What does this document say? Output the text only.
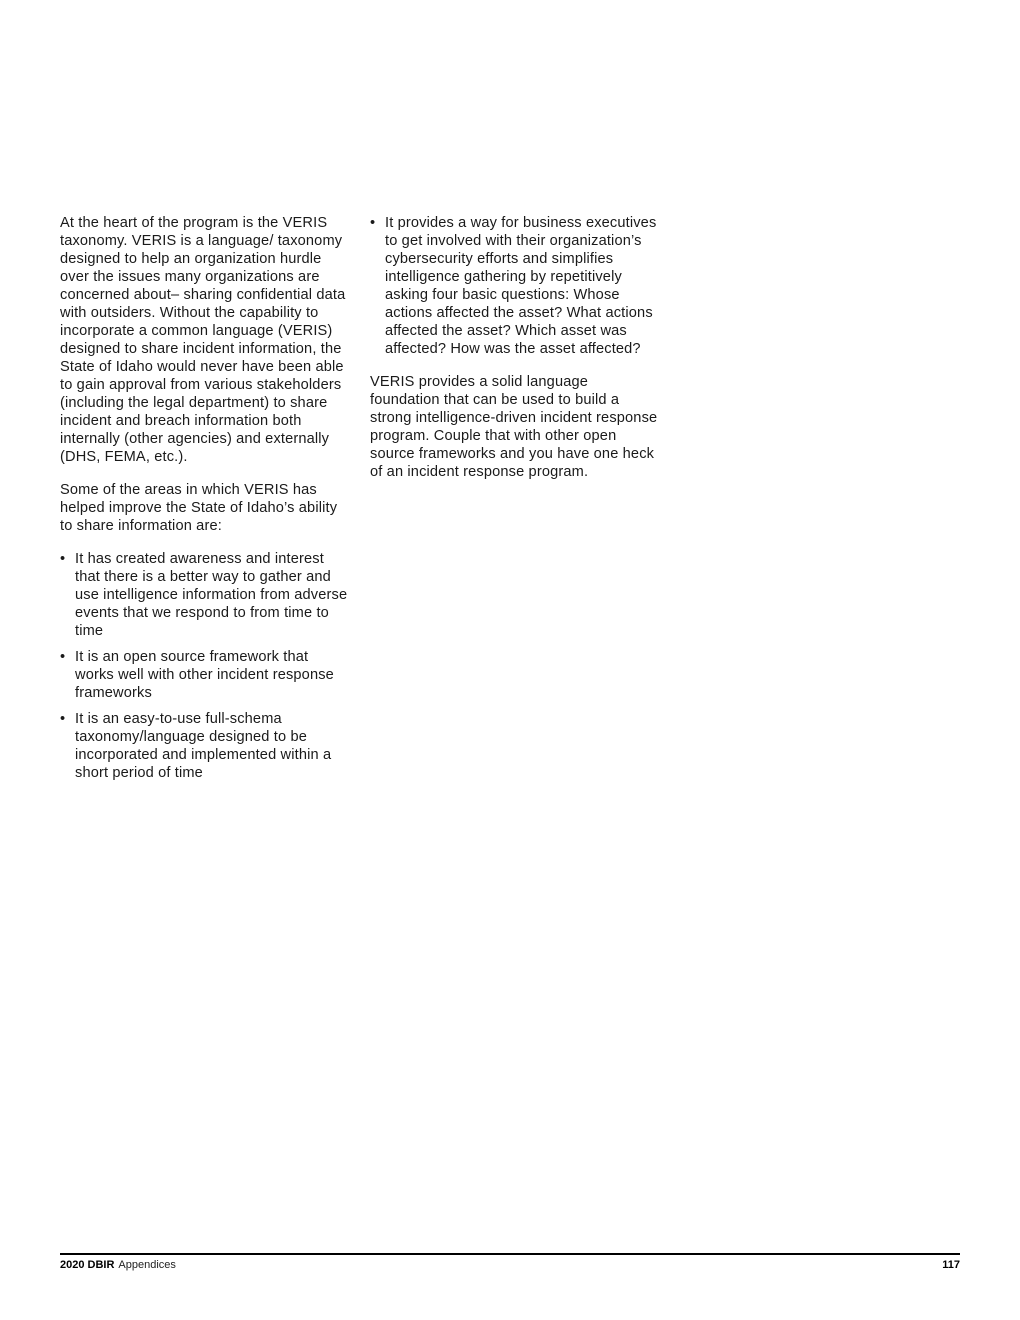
At the heart of the program is the VERIS taxonomy. VERIS is a language/ taxonomy designed to help an organization hurdle over the issues many organizations are concerned about– sharing confidential data with outsiders. Without the capability to incorporate a common language (VERIS) designed to share incident information, the State of Idaho would never have been able to gain approval from various stakeholders (including the legal department) to share incident and breach information both internally (other agencies) and externally (DHS, FEMA, etc.).

Some of the areas in which VERIS has helped improve the State of Idaho’s ability to share information are:

• It has created awareness and interest that there is a better way to gather and use intelligence information from adverse events that we respond to from time to time
• It is an open source framework that works well with other incident response frameworks
• It is an easy-to-use full-schema taxonomy/language designed to be incorporated and implemented within a short period of time
• It provides a way for business executives to get involved with their organization’s cybersecurity efforts and simplifies intelligence gathering by repetitively asking four basic questions: Whose actions affected the asset? What actions affected the asset? Which asset was affected? How was the asset affected?

VERIS provides a solid language foundation that can be used to build a strong intelligence-driven incident response program. Couple that with other open source frameworks and you have one heck of an incident response program.

2020 DBIR Appendices	117
